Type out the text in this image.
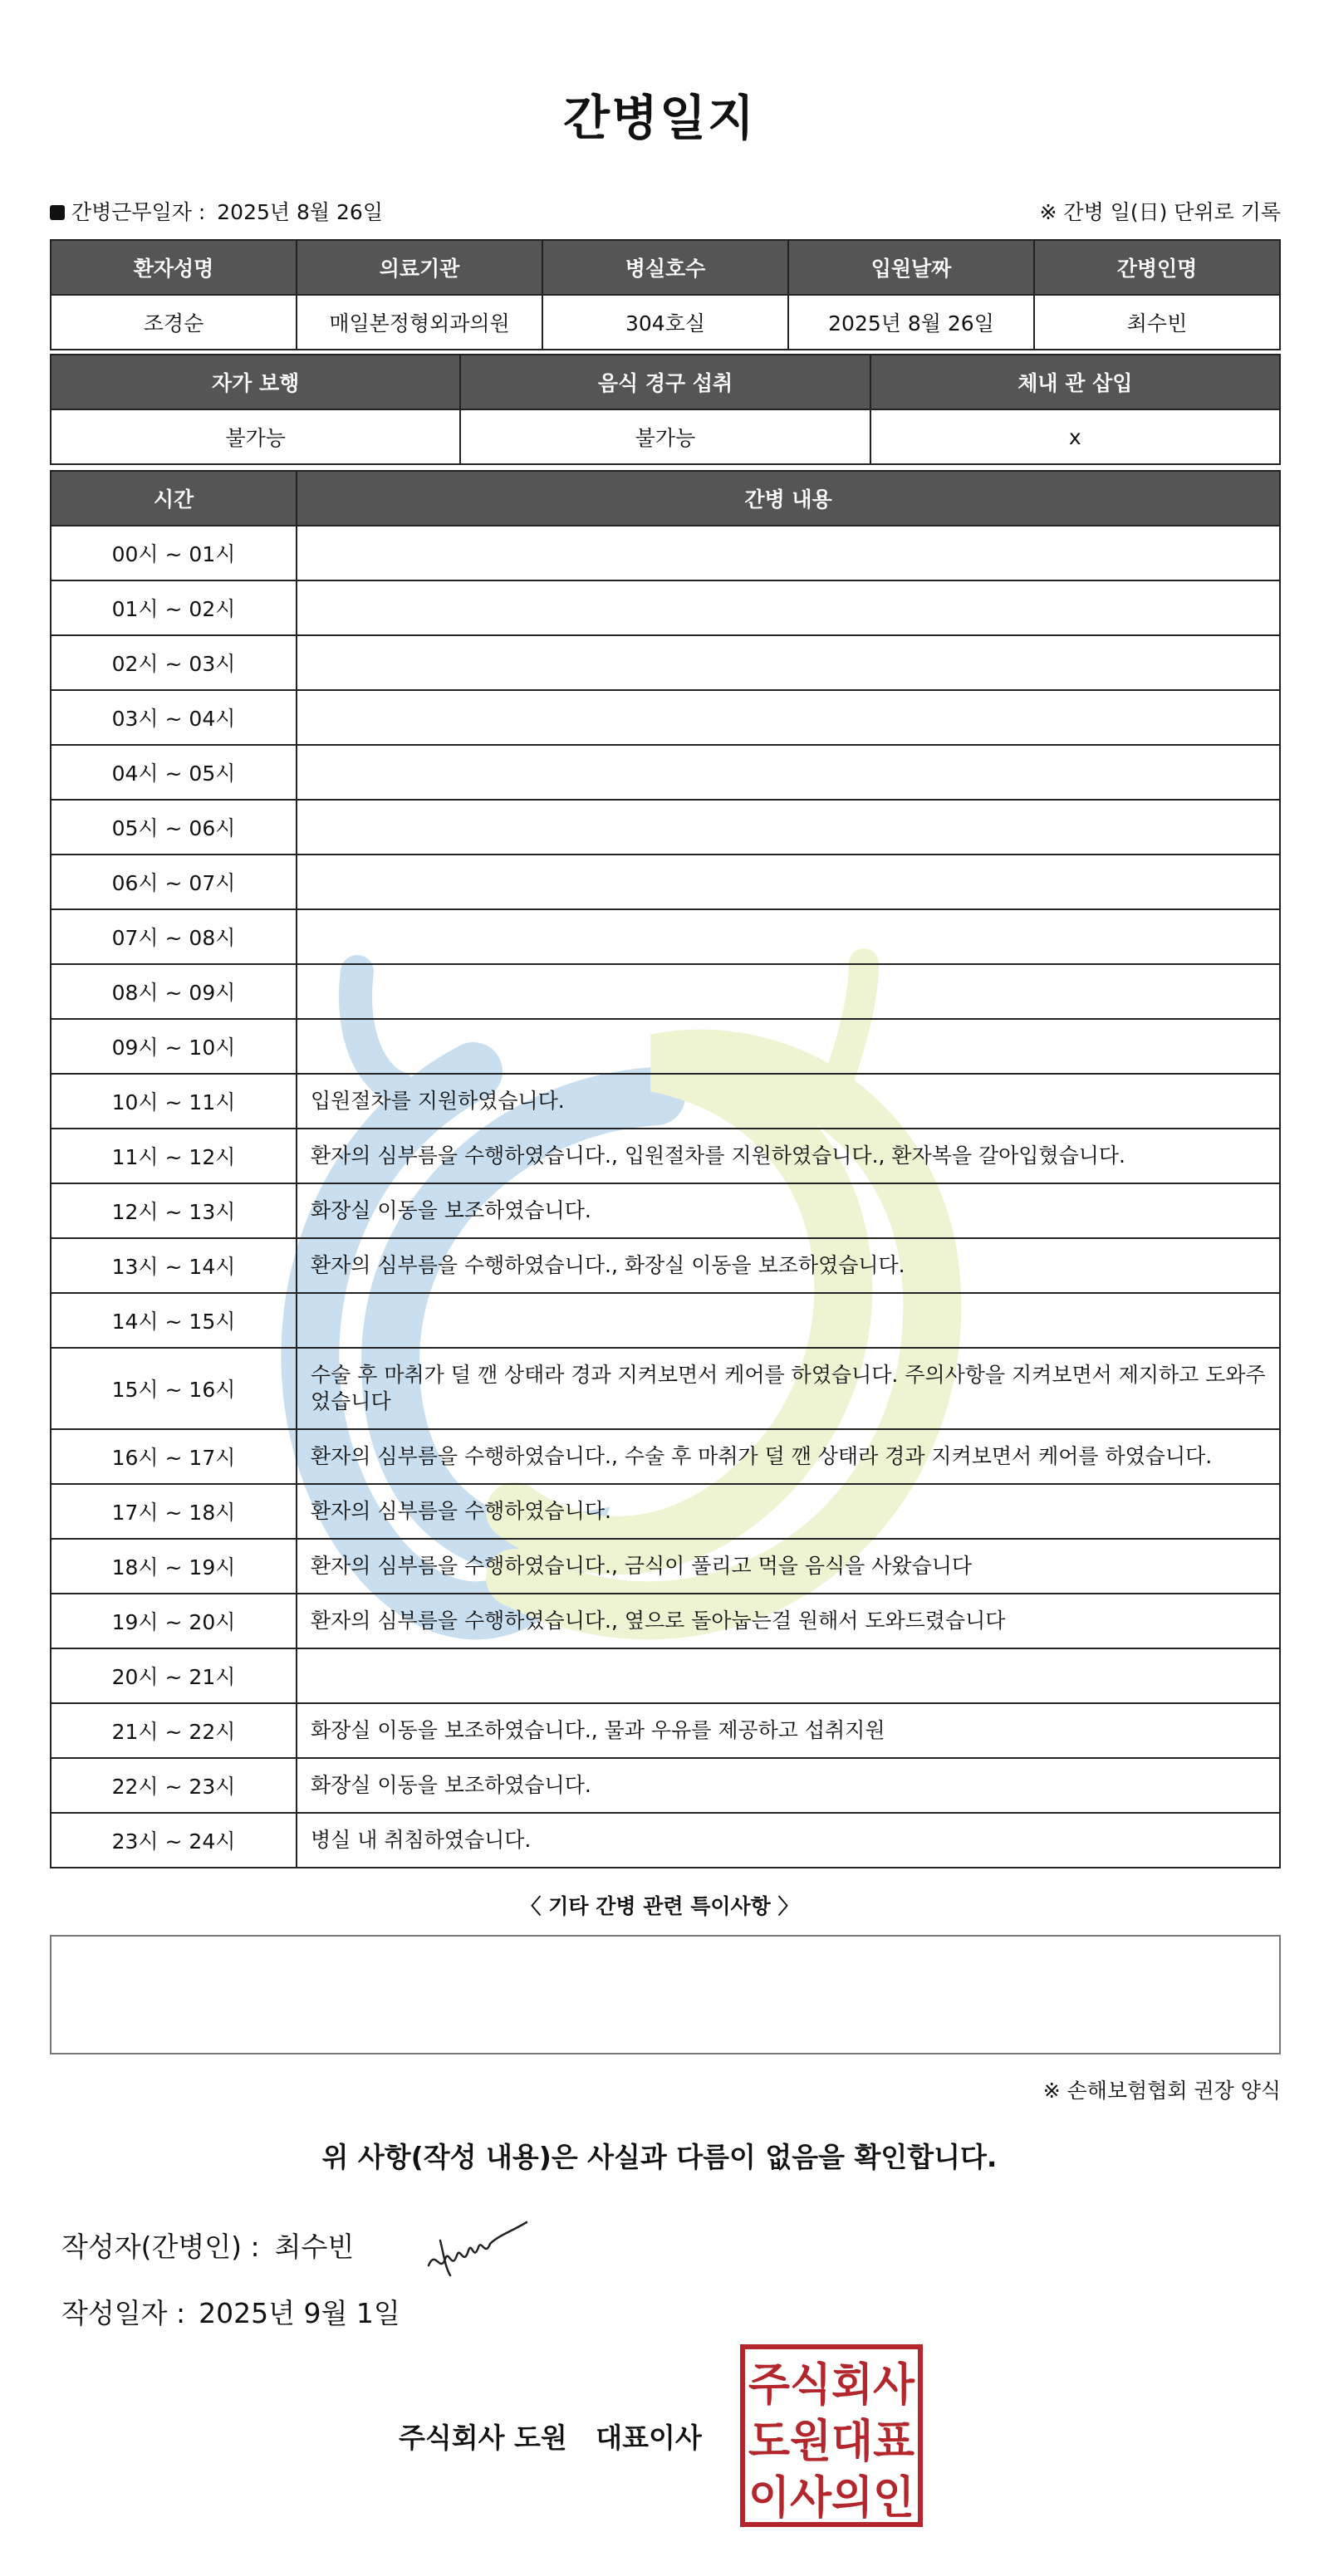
간병일지
간병근무일자 : 2025년 8월 26일	※ 간병 일(日) 단위로 기록
환자성명	의료기관	병실호수	입원날짜	간병인명
조경순	매일본정형외과의원	304호실	2025년 8월 26일	최수빈
자가 보행	음식 경구 섭취	체내 관 삽입
불가능	불가능	x
시간	간병 내용
00시 ~ 01시	
01시 ~ 02시	
02시 ~ 03시	
03시 ~ 04시	
04시 ~ 05시	
05시 ~ 06시	
06시 ~ 07시	
07시 ~ 08시	
08시 ~ 09시	
09시 ~ 10시	
10시 ~ 11시	입원절차를 지원하였습니다.
11시 ~ 12시	환자의 심부름을 수행하였습니다., 입원절차를 지원하였습니다., 환자복을 갈아입혔습니다.
12시 ~ 13시	화장실 이동을 보조하였습니다.
13시 ~ 14시	환자의 심부름을 수행하였습니다., 화장실 이동을 보조하였습니다.
14시 ~ 15시	
15시 ~ 16시	수술 후 마취가 덜 깬 상태라 경과 지켜보면서 케어를 하였습니다. 주의사항을 지켜보면서 제지하고 도와주었습니다
16시 ~ 17시	환자의 심부름을 수행하였습니다., 수술 후 마취가 덜 깬 상태라 경과 지켜보면서 케어를 하였습니다.
17시 ~ 18시	환자의 심부름을 수행하였습니다.
18시 ~ 19시	환자의 심부름을 수행하였습니다., 금식이 풀리고 먹을 음식을 사왔습니다
19시 ~ 20시	환자의 심부름을 수행하였습니다., 옆으로 돌아눕는걸 원해서 도와드렸습니다
20시 ~ 21시	
21시 ~ 22시	화장실 이동을 보조하였습니다., 물과 우유를 제공하고 섭취지원
22시 ~ 23시	화장실 이동을 보조하였습니다.
23시 ~ 24시	병실 내 취침하였습니다.
〈 기타 간병 관련 특이사항 〉
※ 손해보험협회 권장 양식
위 사항(작성 내용)은 사실과 다름이 없음을 확인합니다.
작성자(간병인) : 최수빈
작성일자 : 2025년 9월 1일
주식회사 도원   대표이사
주식회사
도원대표
이사의인
